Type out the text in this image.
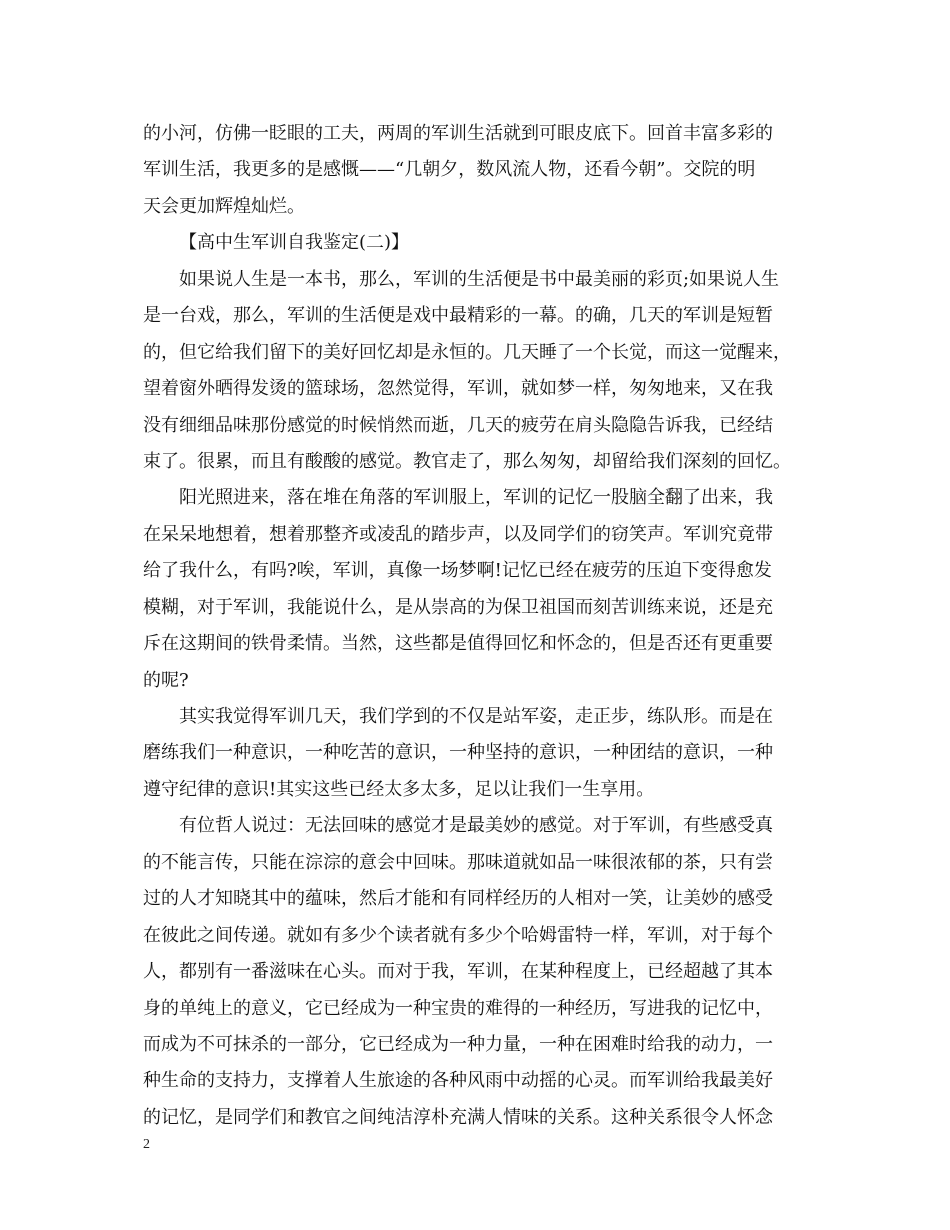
的小河，仿佛一眨眼的工夫，两周的军训生活就到可眼皮底下。回首丰富多彩的
军训生活，我更多的是感慨——“几朝夕，数风流人物，还看今朝”。交院的明
天会更加辉煌灿烂。
【高中生军训自我鉴定(二)】
如果说人生是一本书，那么，军训的生活便是书中最美丽的彩页;如果说人生
是一台戏，那么，军训的生活便是戏中最精彩的一幕。的确，几天的军训是短暂
的，但它给我们留下的美好回忆却是永恒的。几天睡了一个长觉，而这一觉醒来，
望着窗外晒得发烫的篮球场，忽然觉得，军训，就如梦一样，匆匆地来，又在我
没有细细品味那份感觉的时候悄然而逝，几天的疲劳在肩头隐隐告诉我，已经结
束了。很累，而且有酸酸的感觉。教官走了，那么匆匆，却留给我们深刻的回忆。
阳光照进来，落在堆在角落的军训服上，军训的记忆一股脑全翻了出来，我
在呆呆地想着，想着那整齐或凌乱的踏步声，以及同学们的窃笑声。军训究竟带
给了我什么，有吗?唉，军训，真像一场梦啊!记忆已经在疲劳的压迫下变得愈发
模糊，对于军训，我能说什么，是从崇高的为保卫祖国而刻苦训练来说，还是充
斥在这期间的铁骨柔情。当然，这些都是值得回忆和怀念的，但是否还有更重要
的呢?
其实我觉得军训几天，我们学到的不仅是站军姿，走正步，练队形。而是在
磨练我们一种意识，一种吃苦的意识，一种坚持的意识，一种团结的意识，一种
遵守纪律的意识!其实这些已经太多太多，足以让我们一生享用。
有位哲人说过：无法回味的感觉才是最美妙的感觉。对于军训，有些感受真
的不能言传，只能在淙淙的意会中回味。那味道就如品一味很浓郁的茶，只有尝
过的人才知晓其中的蕴味，然后才能和有同样经历的人相对一笑，让美妙的感受
在彼此之间传递。就如有多少个读者就有多少个哈姆雷特一样，军训，对于每个
人，都别有一番滋味在心头。而对于我，军训，在某种程度上，已经超越了其本
身的单纯上的意义，它已经成为一种宝贵的难得的一种经历，写进我的记忆中，
而成为不可抹杀的一部分，它已经成为一种力量，一种在困难时给我的动力，一
种生命的支持力，支撑着人生旅途的各种风雨中动摇的心灵。而军训给我最美好
的记忆，是同学们和教官之间纯洁淳朴充满人情味的关系。这种关系很令人怀念
2
